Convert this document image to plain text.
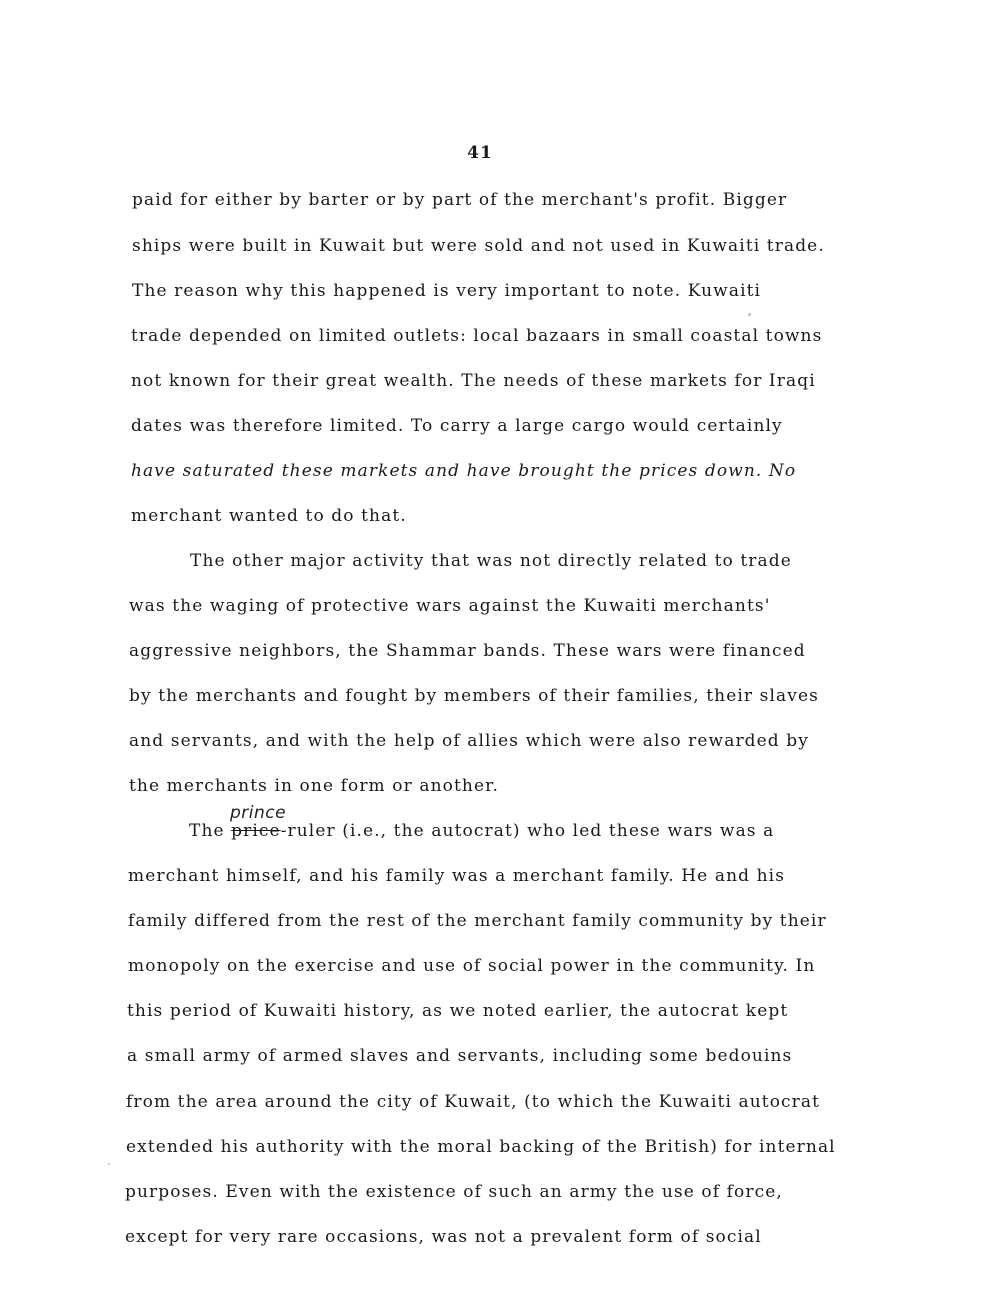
41
prince
paid for either by barter or by part of the merchant's profit. Bigger
ships were built in Kuwait but were sold and not used in Kuwaiti trade.
The reason why this happened is very important to note. Kuwaiti
trade depended on limited outlets: local bazaars in small coastal towns
not known for their great wealth. The needs of these markets for Iraqi
dates was therefore limited. To carry a large cargo would certainly
have saturated these markets and have brought the prices down. No
merchant wanted to do that.
The other major activity that was not directly related to trade
was the waging of protective wars against the Kuwaiti merchants'
aggressive neighbors, the Shammar bands. These wars were financed
by the merchants and fought by members of their families, their slaves
and servants, and with the help of allies which were also rewarded by
the merchants in one form or another.
The price-ruler (i.e., the autocrat) who led these wars was a
merchant himself, and his family was a merchant family. He and his
family differed from the rest of the merchant family community by their
monopoly on the exercise and use of social power in the community. In
this period of Kuwaiti history, as we noted earlier, the autocrat kept
a small army of armed slaves and servants, including some bedouins
from the area around the city of Kuwait, (to which the Kuwaiti autocrat
extended his authority with the moral backing of the British) for internal
purposes. Even with the existence of such an army the use of force,
except for very rare occasions, was not a prevalent form of social
